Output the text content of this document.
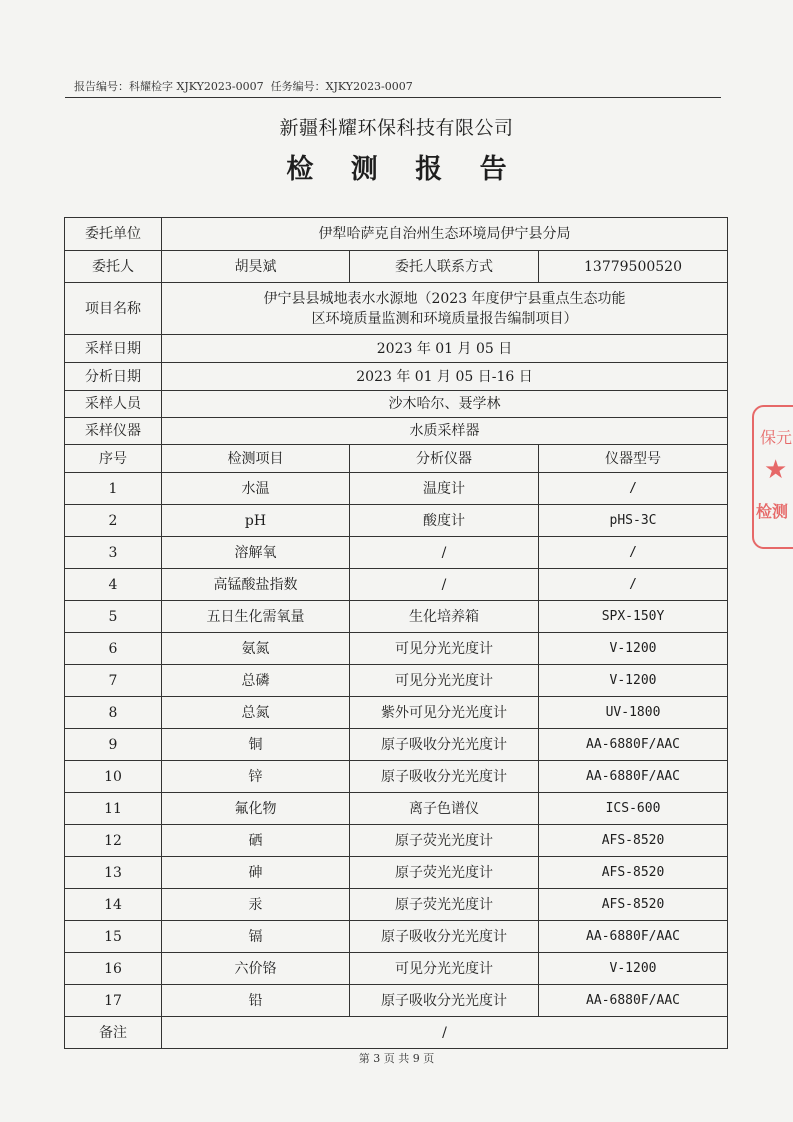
报告编号：科耀检字 XJKY2023-0007 任务编号：XJKY2023-0007
新疆科耀环保科技有限公司
检 测 报 告
委托单位	伊犁哈萨克自治州生态环境局伊宁县分局		
委托人	胡昊斌	委托人联系方式	13779500520
项目名称	伊宁县县城地表水水源地（2023 年度伊宁县重点生态功能
区环境质量监测和环境质量报告编制项目）		

采样日期	2023 年 01 月 05 日		
分析日期	2023 年 01 月 05 日-16 日		
采样人员	沙木哈尔、聂学林		
采样仪器	水质采样器		
序号	检测项目	分析仪器	仪器型号
1	水温	温度计	/
2	pH	酸度计	pHS-3C
3	溶解氧	/	/
4	高锰酸盐指数	/	/
5	五日生化需氧量	生化培养箱	SPX-150Y
6	氨氮	可见分光光度计	V-1200
7	总磷	可见分光光度计	V-1200
8	总氮	紫外可见分光光度计	UV-1800
9	铜	原子吸收分光光度计	AA-6880F/AAC
10	锌	原子吸收分光光度计	AA-6880F/AAC
11	氟化物	离子色谱仪	ICS-600
12	硒	原子荧光光度计	AFS-8520
13	砷	原子荧光光度计	AFS-8520
14	汞	原子荧光光度计	AFS-8520
15	镉	原子吸收分光光度计	AA-6880F/AAC
16	六价铬	可见分光光度计	V-1200
17	铅	原子吸收分光光度计	AA-6880F/AAC
备注	/		
第 3 页 共 9 页
保元
★
检测
